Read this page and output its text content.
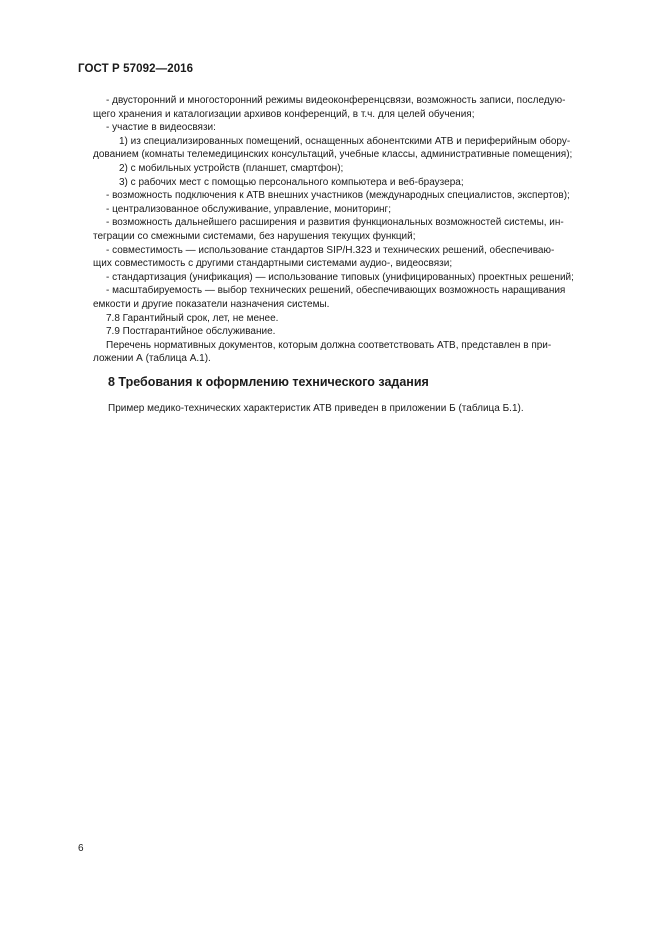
ГОСТ Р 57092—2016

- двусторонний и многосторонний режимы видеоконференцсвязи, возможность записи, последую-

щего хранения и каталогизации архивов конференций, в т.ч. для целей обучения;

- участие в видеосвязи:

1) из специализированных помещений, оснащенных абонентскими АТВ и периферийным обору-

дованием (комнаты телемедицинских консультаций, учебные классы, административные помещения);

2) с мобильных устройств (планшет, смартфон);

3) с рабочих мест с помощью персонального компьютера и веб-браузера;

- возможность подключения к АТВ внешних участников (международных специалистов, экспертов);

- централизованное обслуживание, управление, мониторинг;

- возможность дальнейшего расширения и развития функциональных возможностей системы, ин-

теграции со смежными системами, без нарушения текущих функций;

- совместимость — использование стандартов SIP/H.323 и технических решений, обеспечиваю-

щих совместимость с другими стандартными системами аудио-, видеосвязи;

- стандартизация (унификация) — использование типовых (унифицированных) проектных решений;

- масштабируемость — выбор технических решений, обеспечивающих возможность наращивания

емкости и другие показатели назначения системы.

7.8 Гарантийный срок, лет, не менее.

7.9 Постгарантийное обслуживание.

Перечень нормативных документов, которым должна соответствовать АТВ, представлен в при-

ложении А (таблица А.1).

8 Требования к оформлению технического задания

Пример медико-технических характеристик АТВ приведен в приложении Б (таблица Б.1).

6
